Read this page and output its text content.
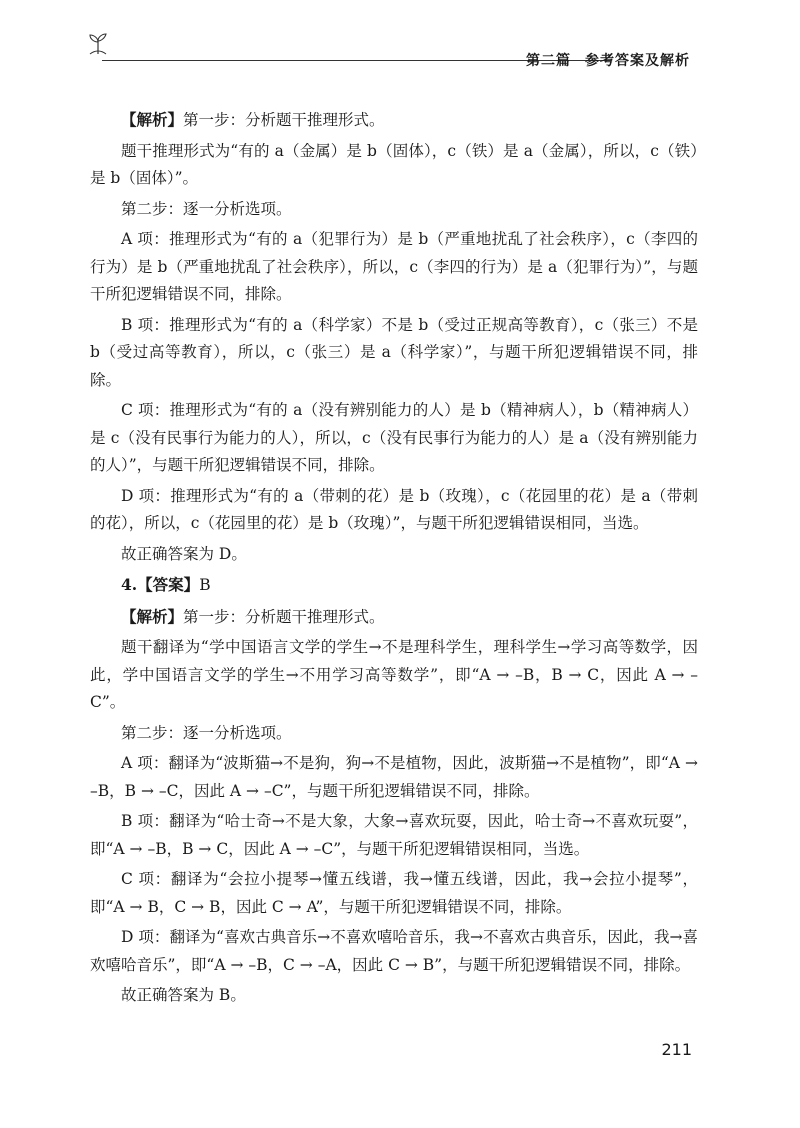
第二篇 参考答案及解析

【解析】第一步：分析题干推理形式。

题干推理形式为“有的 a（金属）是 b（固体），c（铁）是 a（金属），所以，c（铁）是 b（固体）”。

第二步：逐一分析选项。

A 项：推理形式为“有的 a（犯罪行为）是 b（严重地扰乱了社会秩序），c（李四的行为）是 b（严重地扰乱了社会秩序），所以，c（李四的行为）是 a（犯罪行为）”，与题干所犯逻辑错误不同，排除。

B 项：推理形式为“有的 a（科学家）不是 b（受过正规高等教育），c（张三）不是 b（受过高等教育），所以，c（张三）是 a（科学家）”，与题干所犯逻辑错误不同，排除。

C 项：推理形式为“有的 a（没有辨别能力的人）是 b（精神病人），b（精神病人）是 c（没有民事行为能力的人），所以，c（没有民事行为能力的人）是 a（没有辨别能力的人）”，与题干所犯逻辑错误不同，排除。

D 项：推理形式为“有的 a（带刺的花）是 b（玫瑰），c（花园里的花）是 a（带刺的花），所以，c（花园里的花）是 b（玫瑰）”，与题干所犯逻辑错误相同，当选。

故正确答案为 D。

4.【答案】B

【解析】第一步：分析题干推理形式。

题干翻译为“学中国语言文学的学生→不是理科学生，理科学生→学习高等数学，因此，学中国语言文学的学生→不用学习高等数学”，即“A → –B，B → C，因此 A → –C”。

第二步：逐一分析选项。

A 项：翻译为“波斯猫→不是狗，狗→不是植物，因此，波斯猫→不是植物”，即“A → –B，B → –C，因此 A → –C”，与题干所犯逻辑错误不同，排除。

B 项：翻译为“哈士奇→不是大象，大象→喜欢玩耍，因此，哈士奇→不喜欢玩耍”，即“A → –B，B → C，因此 A → –C”，与题干所犯逻辑错误相同，当选。

C 项：翻译为“会拉小提琴→懂五线谱，我→懂五线谱，因此，我→会拉小提琴”，即“A → B，C → B，因此 C → A”，与题干所犯逻辑错误不同，排除。

D 项：翻译为“喜欢古典音乐→不喜欢嘻哈音乐，我→不喜欢古典音乐，因此，我→喜欢嘻哈音乐”，即“A → –B，C → –A，因此 C → B”，与题干所犯逻辑错误不同，排除。

故正确答案为 B。

211
